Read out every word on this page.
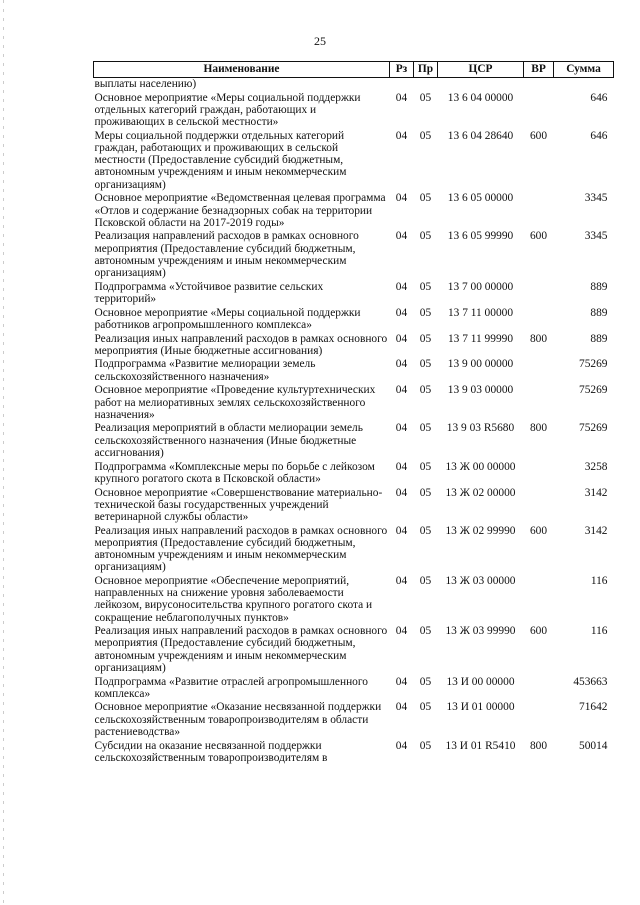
25
Наименование	Рз	Пр	ЦСР	ВР	Сумма
выплаты населению)					
Основное мероприятие «Меры социальной поддержки отдельных категорий граждан, работающих и проживающих в сельской местности»	04	05	13 6 04 00000		646
Меры социальной поддержки отдельных категорий граждан, работающих и проживающих в сельской местности (Предоставление субсидий бюджетным, автономным учреждениям и иным некоммерческим организациям)	04	05	13 6 04 28640	600	646
Основное мероприятие «Ведомственная целевая программа «Отлов и содержание безнадзорных собак на территории Псковской области на 2017-2019 годы»	04	05	13 6 05 00000		3345
Реализация направлений расходов в рамках основного мероприятия (Предоставление субсидий бюджетным, автономным учреждениям и иным некоммерческим организациям)	04	05	13 6 05 99990	600	3345
Подпрограмма «Устойчивое развитие сельских территорий»	04	05	13 7 00 00000		889
Основное мероприятие «Меры социальной поддержки работников агропромышленного комплекса»	04	05	13 7 11 00000		889
Реализация иных направлений расходов в рамках основного мероприятия (Иные бюджетные ассигнования)	04	05	13 7 11 99990	800	889
Подпрограмма «Развитие мелиорации земель сельскохозяйственного назначения»	04	05	13 9 00 00000		75269
Основное мероприятие «Проведение культуртехнических работ на мелиоративных землях сельскохозяйственного назначения»	04	05	13 9 03 00000		75269
Реализация мероприятий в области мелиорации земель сельскохозяйственного назначения (Иные бюджетные ассигнования)	04	05	13 9 03 R5680	800	75269
Подпрограмма «Комплексные меры по борьбе с лейкозом крупного рогатого скота в Псковской области»	04	05	13 Ж 00 00000		3258
Основное мероприятие «Совершенствование материально-технической базы государственных учреждений ветеринарной службы области»	04	05	13 Ж 02 00000		3142
Реализация иных направлений расходов в рамках основного мероприятия (Предоставление субсидий бюджетным, автономным учреждениям и иным некоммерческим организациям)	04	05	13 Ж 02 99990	600	3142
Основное мероприятие «Обеспечение мероприятий, направленных на снижение уровня заболеваемости лейкозом, вирусоносительства крупного рогатого скота и сокращение неблагополучных пунктов»	04	05	13 Ж 03 00000		116
Реализация иных направлений расходов в рамках основного мероприятия (Предоставление субсидий бюджетным, автономным учреждениям и иным некоммерческим организациям)	04	05	13 Ж 03 99990	600	116
Подпрограмма «Развитие отраслей агропромышленного комплекса»	04	05	13 И 00 00000		453663
Основное мероприятие «Оказание несвязанной поддержки сельскохозяйственным товаропроизводителям в области растениеводства»	04	05	13 И 01 00000		71642
Субсидии на оказание несвязанной поддержки сельскохозяйственным товаропроизводителям в	04	05	13 И 01 R5410	800	50014
